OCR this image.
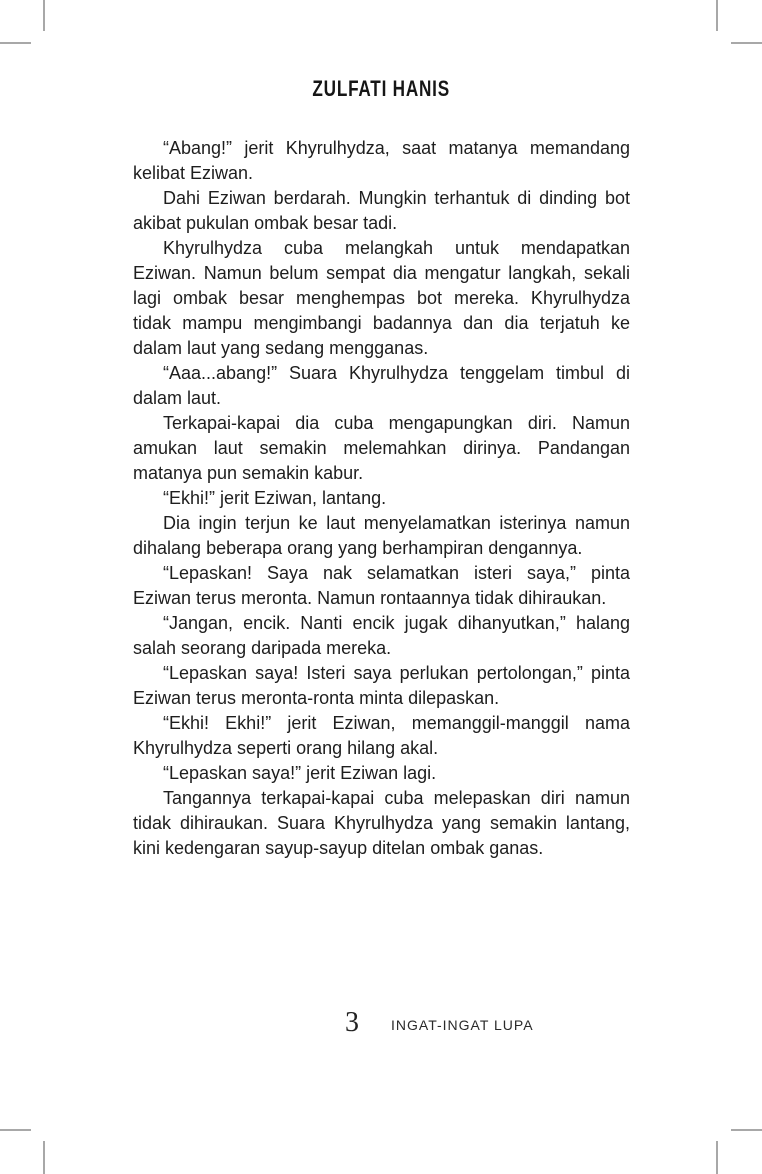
ZULFATI HANIS

“Abang!” jerit Khyrulhydza, saat matanya memandang kelibat Eziwan.

Dahi Eziwan berdarah. Mungkin terhantuk di dinding bot akibat pukulan ombak besar tadi.

Khyrulhydza cuba melangkah untuk mendapatkan Eziwan. Namun belum sempat dia mengatur langkah, sekali lagi ombak besar menghempas bot mereka. Khyrulhydza tidak mampu mengimbangi badannya dan dia terjatuh ke dalam laut yang sedang mengganas.

“Aaa...abang!” Suara Khyrulhydza tenggelam timbul di dalam laut.

Terkapai-kapai dia cuba mengapungkan diri. Namun amukan laut semakin melemahkan dirinya. Pandangan matanya pun semakin kabur.

“Ekhi!” jerit Eziwan, lantang.

Dia ingin terjun ke laut menyelamatkan isterinya namun dihalang beberapa orang yang berhampiran dengannya.

“Lepaskan! Saya nak selamatkan isteri saya,” pinta Eziwan terus meronta. Namun rontaannya tidak dihiraukan.

“Jangan, encik. Nanti encik jugak dihanyutkan,” halang salah seorang daripada mereka.

“Lepaskan saya! Isteri saya perlukan pertolongan,” pinta Eziwan terus meronta-ronta minta dilepaskan.

“Ekhi! Ekhi!” jerit Eziwan, memanggil-manggil nama Khyrulhydza seperti orang hilang akal.

“Lepaskan saya!” jerit Eziwan lagi.

Tangannya terkapai-kapai cuba melepaskan diri namun tidak dihiraukan. Suara Khyrulhydza yang semakin lantang, kini kedengaran sayup-sayup ditelan ombak ganas.

3 INGAT-INGAT LUPA
